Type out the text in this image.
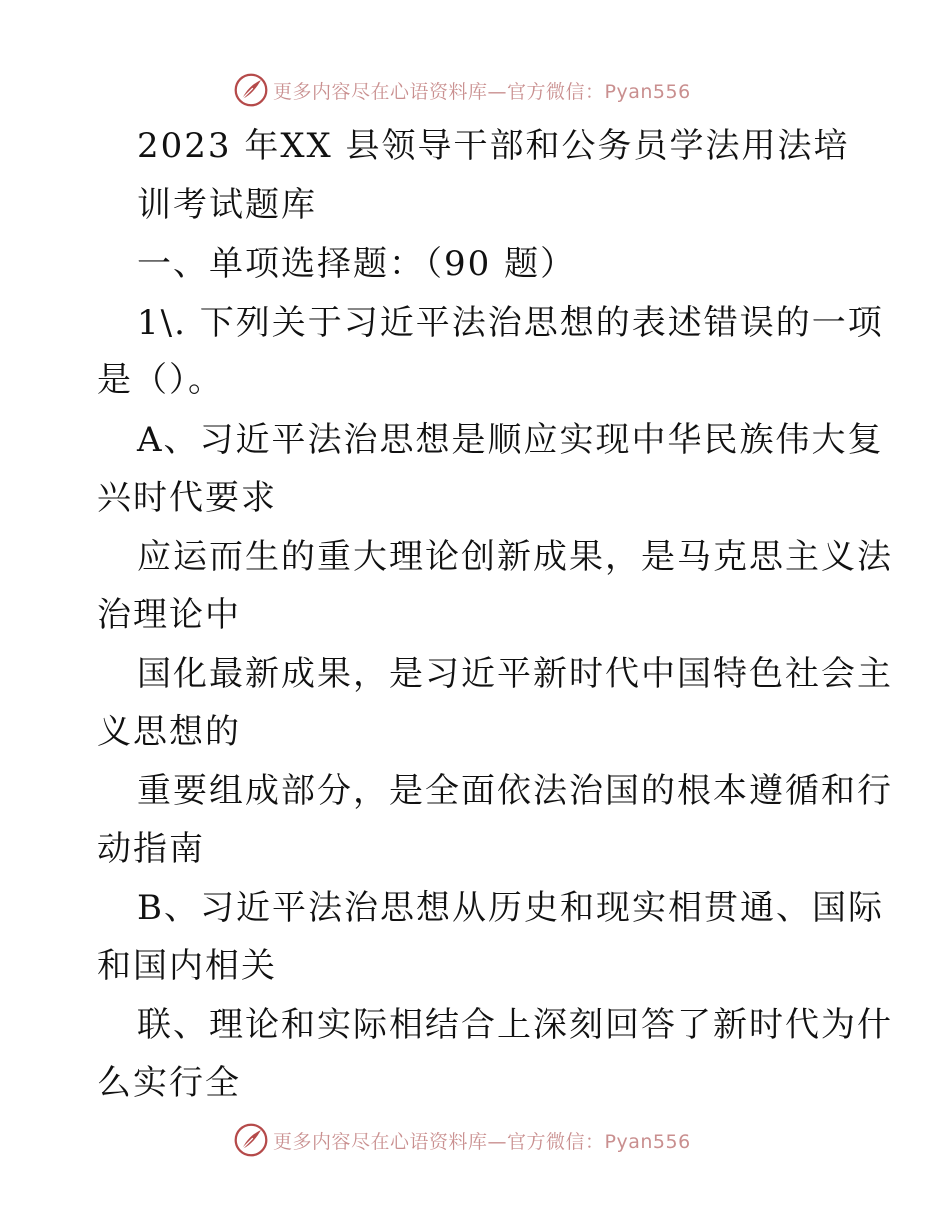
更多内容尽在心语资料库—官方微信：Pyan556
2023 年XX 县领导干部和公务员学法用法培
训考试题库
一、单项选择题：（90 题）
1\. 下列关于习近平法治思想的表述错误的一项
是（）。
A、习近平法治思想是顺应实现中华民族伟大复
兴时代要求
应运而生的重大理论创新成果，是马克思主义法
治理论中
国化最新成果，是习近平新时代中国特色社会主
义思想的
重要组成部分，是全面依法治国的根本遵循和行
动指南
B、习近平法治思想从历史和现实相贯通、国际
和国内相关
联、理论和实际相结合上深刻回答了新时代为什
么实行全
更多内容尽在心语资料库—官方微信：Pyan556
